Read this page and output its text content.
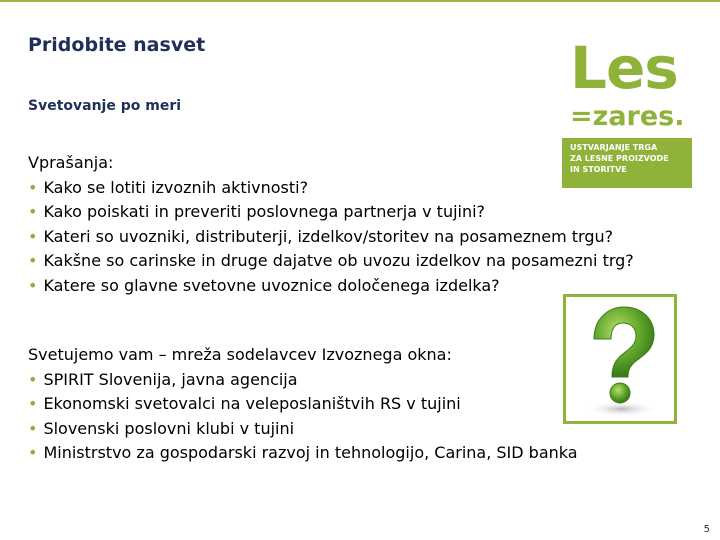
Pridobite nasvet
Svetovanje po meri
Vprašanja:
• Kako se lotiti izvoznih aktivnosti?
• Kako poiskati in preveriti poslovnega partnerja v tujini?
• Kateri so uvozniki, distributerji, izdelkov/storitev na posameznem trgu?
• Kakšne so carinske in druge dajatve ob uvozu izdelkov na posamezni trg?
• Katere so glavne svetovne uvoznice določenega izdelka?
Svetujemo vam – mreža sodelavcev Izvoznega okna:
• SPIRIT Slovenija, javna agencija
• Ekonomski svetovalci na veleposlaništvih RS v tujini
• Slovenski poslovni klubi v tujini
• Ministrstvo za gospodarski razvoj in tehnologijo, Carina, SID banka
Les
=zares.
USTVARJANJE TRGA
ZA LESNE PROIZVODE
IN STORITVE
5
